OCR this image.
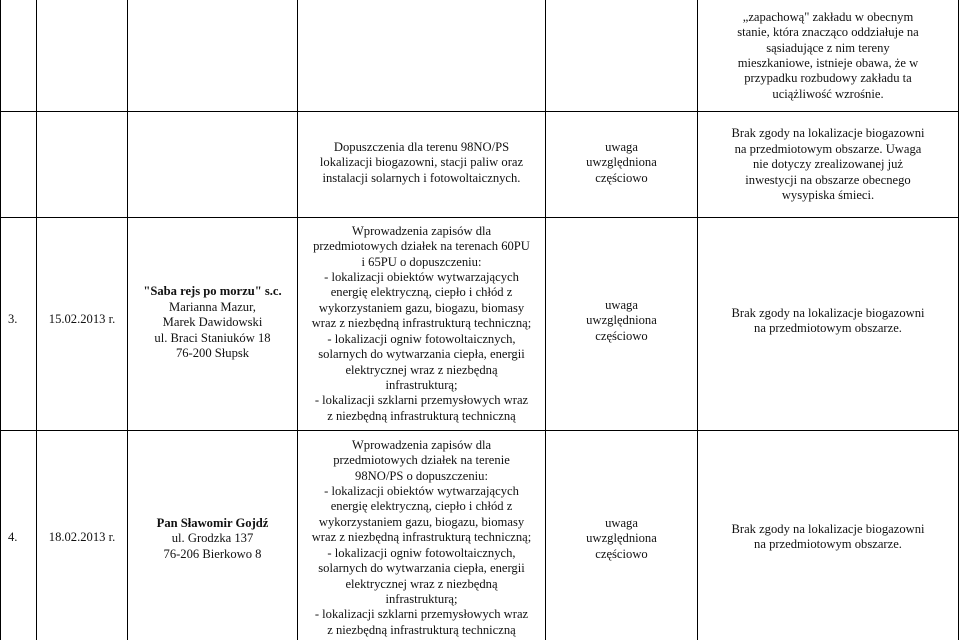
„zapachową" zakładu w obecnym
stanie, która znacząco oddziałuje na
sąsiadujące z nim tereny
mieszkaniowe, istnieje obawa, że w
przypadku rozbudowy zakładu ta
uciążliwość wzrośnie.
Dopuszczenia dla terenu 98NO/PS
lokalizacji biogazowni, stacji paliw oraz
instalacji solarnych i fotowoltaicznych.
uwaga
uwzględniona
częściowo
Brak zgody na lokalizacje biogazowni
na przedmiotowym obszarze. Uwaga
nie dotyczy zrealizowanej już
inwestycji na obszarze obecnego
wysypiska śmieci.
3. 15.02.2013 r.
"Saba rejs po morzu" s.c.
Marianna Mazur,
Marek Dawidowski
ul. Braci Staniuków 18
76-200 Słupsk
Wprowadzenia zapisów dla
przedmiotowych działek na terenach 60PU
i 65PU o dopuszczeniu:
- lokalizacji obiektów wytwarzających
energię elektryczną, ciepło i chłód z
wykorzystaniem gazu, biogazu, biomasy
wraz z niezbędną infrastrukturą techniczną;
- lokalizacji ogniw fotowoltaicznych,
solarnych do wytwarzania ciepła, energii
elektrycznej wraz z niezbędną
infrastrukturą;
- lokalizacji szklarni przemysłowych wraz
z niezbędną infrastrukturą techniczną
uwaga
uwzględniona
częściowo
Brak zgody na lokalizacje biogazowni
na przedmiotowym obszarze.
4. 18.02.2013 r.
Pan Sławomir Gojdź
ul. Grodzka 137
76-206 Bierkowo 8
Wprowadzenia zapisów dla
przedmiotowych działek na terenie
98NO/PS o dopuszczeniu:
- lokalizacji obiektów wytwarzających
energię elektryczną, ciepło i chłód z
wykorzystaniem gazu, biogazu, biomasy
wraz z niezbędną infrastrukturą techniczną;
- lokalizacji ogniw fotowoltaicznych,
solarnych do wytwarzania ciepła, energii
elektrycznej wraz z niezbędną
infrastrukturą;
- lokalizacji szklarni przemysłowych wraz
z niezbędną infrastrukturą techniczną
uwaga
uwzględniona
częściowo
Brak zgody na lokalizacje biogazowni
na przedmiotowym obszarze.
